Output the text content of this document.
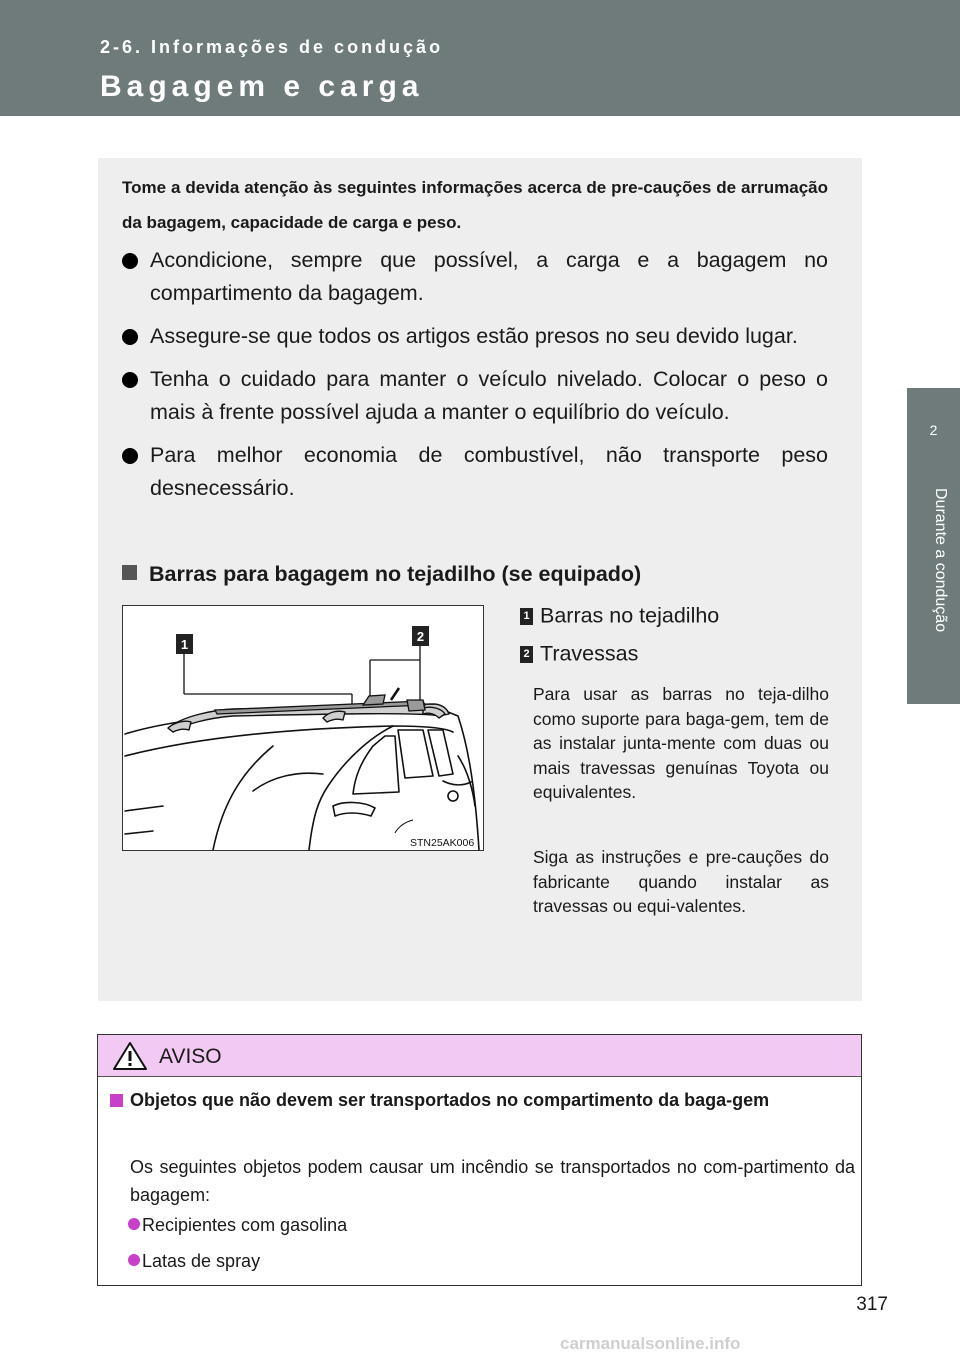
2-6. Informações de condução
Bagagem e carga
2
Durante a condução
Tome a devida atenção às seguintes informações acerca de pre-cauções de arrumação da bagagem, capacidade de carga e peso.
Acondicione, sempre que possível, a carga e a bagagem no compartimento da bagagem.
Assegure-se que todos os artigos estão presos no seu devido lugar.
Tenha o cuidado para manter o veículo nivelado. Colocar o peso o mais à frente possível ajuda a manter o equilíbrio do veículo.
Para melhor economia de combustível, não transporte peso desnecessário.
Barras para bagagem no tejadilho (se equipado)
1
2
STN25AK006
1 Barras no tejadilho
2 Travessas
Para usar as barras no teja-dilho como suporte para baga-gem, tem de as instalar junta-mente com duas ou mais travessas genuínas Toyota ou equivalentes.
Siga as instruções e pre-cauções do fabricante quando instalar as travessas ou equi-valentes.
AVISO
Objetos que não devem ser transportados no compartimento da baga-gem
Os seguintes objetos podem causar um incêndio se transportados no com-partimento da bagagem:
Recipientes com gasolina
Latas de spray
317
carmanualsonline.info
